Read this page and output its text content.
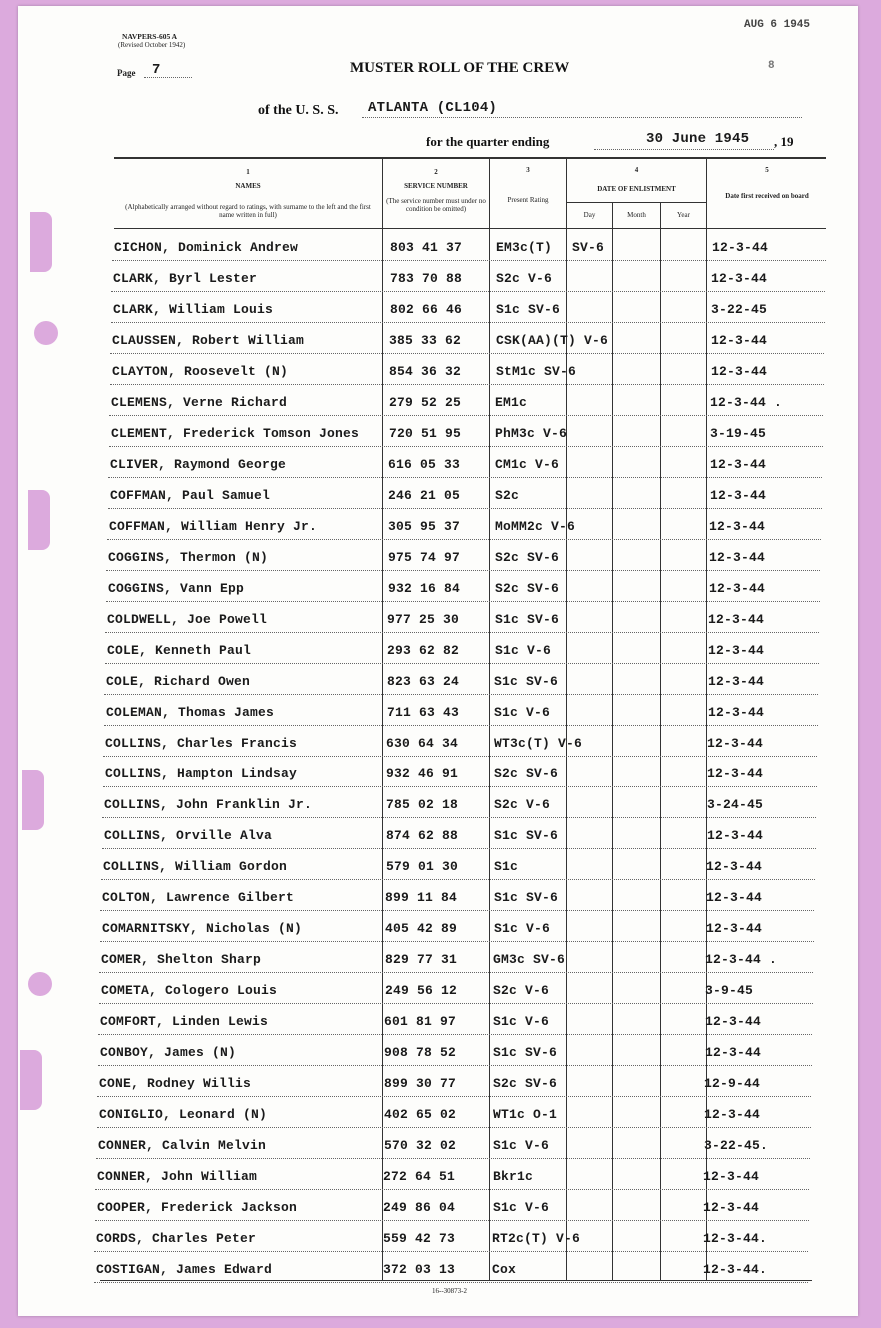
NAVPERS-605 A
(Revised October 1942)
Page 7	MUSTER ROLL OF THE CREW
AUG 6 1945
8
of the U. S. S. ATLANTA (CL104)
for the quarter ending	30 June 1945 , 19
1
NAMES
(Alphabetically arranged without regard to ratings, with surname to the left and the first name written in full)
2
SERVICE NUMBER
(The service number must under no condition be omitted)
3
Present Rating
4
DATE OF ENLISTMENT
Day	Month	Year
5
Date first received on board
CICHON, Dominick Andrew	803 41 37	EM3c(T) SV-6	12-3-44
CLARK, Byrl Lester	783 70 88	S2c V-6	12-3-44
CLARK, William Louis	802 66 46	S1c SV-6	3-22-45
CLAUSSEN, Robert William	385 33 62	CSK(AA)(T) V-6	12-3-44
CLAYTON, Roosevelt (N)	854 36 32	StM1c SV-6	12-3-44
CLEMENS, Verne Richard	279 52 25	EM1c	12-3-44 .
CLEMENT, Frederick Tomson Jones 720 51 95	PhM3c V-6	3-19-45
CLIVER, Raymond George	616 05 33	CM1c V-6	12-3-44
COFFMAN, Paul Samuel	246 21 05	S2c	12-3-44
COFFMAN, William Henry Jr.	305 95 37	MoMM2c V-6	12-3-44
COGGINS, Thermon (N)	975 74 97	S2c SV-6	12-3-44
COGGINS, Vann Epp	932 16 84	S2c SV-6	12-3-44
COLDWELL, Joe Powell	977 25 30	S1c SV-6	12-3-44
COLE, Kenneth Paul	293 62 82	S1c V-6	12-3-44
COLE, Richard Owen	823 63 24	S1c SV-6	12-3-44
COLEMAN, Thomas James	711 63 43	S1c V-6	12-3-44
COLLINS, Charles Francis	630 64 34	WT3c(T) V-6	12-3-44
COLLINS, Hampton Lindsay	932 46 91	S2c SV-6	12-3-44
COLLINS, John Franklin Jr.	785 02 18	S2c V-6	3-24-45
COLLINS, Orville Alva	874 62 88	S1c SV-6	12-3-44
COLLINS, William Gordon	579 01 30	S1c	12-3-44
COLTON, Lawrence Gilbert	899 11 84	S1c SV-6	12-3-44
COMARNITSKY, Nicholas (N)	405 42 89	S1c V-6	12-3-44
COMER, Shelton Sharp	829 77 31	GM3c SV-6	12-3-44 .
COMETA, Cologero Louis	249 56 12	S2c V-6	3-9-45
COMFORT, Linden Lewis	601 81 97	S1c V-6	12-3-44
CONBOY, James (N)	908 78 52	S1c SV-6	12-3-44
CONE, Rodney Willis	899 30 77	S2c SV-6	12-9-44
CONIGLIO, Leonard (N)	402 65 02	WT1c O-1	12-3-44
CONNER, Calvin Melvin	570 32 02	S1c V-6	3-22-45.
CONNER, John William	272 64 51	Bkr1c	12-3-44
COOPER, Frederick Jackson	249 86 04	S1c V-6	12-3-44
CORDS, Charles Peter	559 42 73	RT2c(T) V-6	12-3-44.
COSTIGAN, James Edward	372 03 13	Cox	12-3-44.
16--30873-2
